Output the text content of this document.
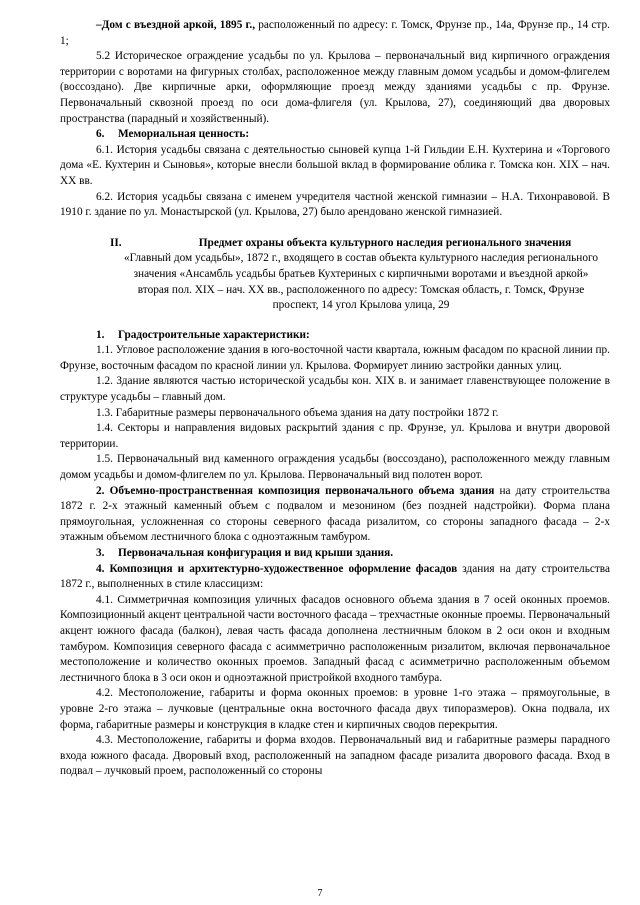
–Дом с въездной аркой, 1895 г., расположенный по адресу: г. Томск, Фрунзе пр., 14а, Фрунзе пр., 14 стр. 1;

5.2 Историческое ограждение усадьбы по ул. Крылова – первоначальный вид кирпичного ограждения территории с воротами на фигурных столбах, расположенное между главным домом усадьбы и домом-флигелем (воссоздано). Две кирпичные арки, оформляющие проезд между зданиями усадьбы с пр. Фрунзе. Первоначальный сквозной проезд по оси дома-флигеля (ул. Крылова, 27), соединяющий два дворовых пространства (парадный и хозяйственный).

6. Мемориальная ценность:

6.1. История усадьбы связана с деятельностью сыновей купца 1-й Гильдии Е.Н. Кухтерина и «Торгового дома «Е. Кухтерин и Сыновья», которые внесли большой вклад в формирование облика г. Томска кон. XIX – нач. XX вв.

6.2. История усадьбы связана с именем учредителя частной женской гимназии – Н.А. Тихонравовой. В 1910 г. здание по ул. Монастырской (ул. Крылова, 27) было арендовано женской гимназией.

II.	Предмет охраны объекта культурного наследия регионального значения

«Главный дом усадьбы», 1872 г., входящего в состав объекта культурного наследия регионального значения «Ансамбль усадьбы братьев Кухтериных с кирпичными воротами и въездной аркой» вторая пол. XIX – нач. XX вв., расположенного по адресу: Томская область, г. Томск, Фрунзе проспект, 14 угол Крылова улица, 29

1. Градостроительные характеристики:

1.1. Угловое расположение здания в юго-восточной части квартала, южным фасадом по красной линии пр. Фрунзе, восточным фасадом по красной линии ул. Крылова. Формирует линию застройки данных улиц.

1.2. Здание являются частью исторической усадьбы кон. XIX в. и занимает главенствующее положение в структуре усадьбы – главный дом.

1.3. Габаритные размеры первоначального объема здания на дату постройки 1872 г.

1.4. Секторы и направления видовых раскрытий здания с пр. Фрунзе, ул. Крылова и внутри дворовой территории.

1.5. Первоначальный вид каменного ограждения усадьбы (воссоздано), расположенного между главным домом усадьбы и домом-флигелем по ул. Крылова. Первоначальный вид полотен ворот.

2. Объемно-пространственная композиция первоначального объема здания на дату строительства 1872 г. 2-х этажный каменный объем с подвалом и мезонином (без поздней надстройки). Форма плана прямоугольная, усложненная со стороны северного фасада ризалитом, со стороны западного фасада – 2-х этажным объемом лестничного блока с одноэтажным тамбуром.

3. Первоначальная конфигурация и вид крыши здания.

4. Композиция и архитектурно-художественное оформление фасадов здания на дату строительства 1872 г., выполненных в стиле классицизм:

4.1. Симметричная композиция уличных фасадов основного объема здания в 7 осей оконных проемов. Композиционный акцент центральной части восточного фасада – трехчастные оконные проемы. Первоначальный акцент южного фасада (балкон), левая часть фасада дополнена лестничным блоком в 2 оси окон и входным тамбуром. Композиция северного фасада с асимметрично расположенным ризалитом, включая первоначальное местоположение и количество оконных проемов. Западный фасад с асимметрично расположенным объемом лестничного блока в 3 оси окон и одноэтажной пристройкой входного тамбура.

4.2. Местоположение, габариты и форма оконных проемов: в уровне 1-го этажа – прямоугольные, в уровне 2-го этажа – лучковые (центральные окна восточного фасада двух типоразмеров). Окна подвала, их форма, габаритные размеры и конструкция в кладке стен и кирпичных сводов перекрытия.

4.3. Местоположение, габариты и форма входов. Первоначальный вид и габаритные размеры парадного входа южного фасада. Дворовый вход, расположенный на западном фасаде ризалита дворового фасада. Вход в подвал – лучковый проем, расположенный со стороны

7
